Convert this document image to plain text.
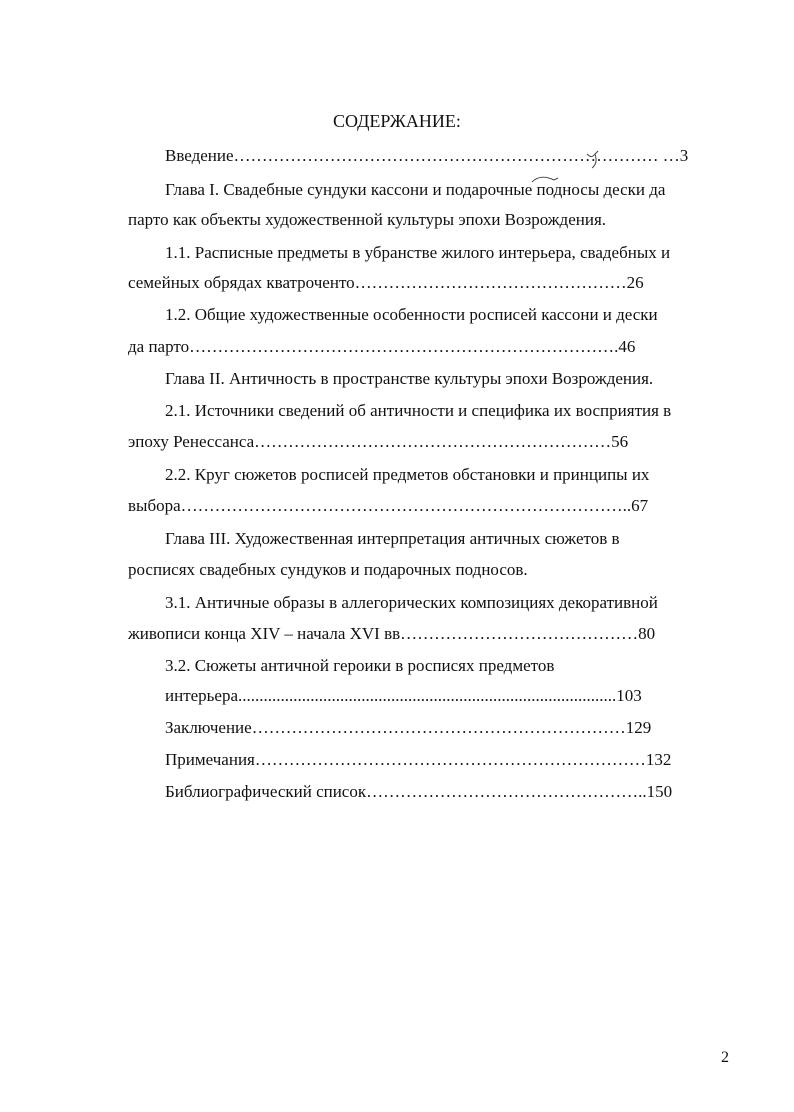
СОДЕРЖАНИЕ:
Введение………………………………………………………………… …3
Глава I. Свадебные сундуки кассони и подарочные подносы дески да
парто как объекты художественной культуры эпохи Возрождения.
1.1. Расписные предметы в убранстве жилого интерьера, свадебных и
семейных обрядах кватроченто…………………………………………26
1.2. Общие художественные особенности росписей кассони и дески
да парто………………………………………………………………….46
Глава II. Античность в пространстве культуры эпохи Возрождения.
2.1. Источники сведений об античности и специфика их восприятия в
эпоху Ренессанса………………………………………………………56
2.2. Круг сюжетов росписей предметов обстановки и принципы их
выбора……………………………………………………………………..67
Глава III. Художественная интерпретация античных сюжетов в
росписях свадебных сундуков и подарочных подносов.
3.1. Античные образы в аллегорических композициях декоративной
живописи конца XIV – начала XVI вв……………………………………80
3.2. Сюжеты античной героики в росписях предметов
интерьера.........................................................................................103
Заключение…………………………………………………………129
Примечания……………………………………………………………132
Библиографический список…………………………………………..150
2
